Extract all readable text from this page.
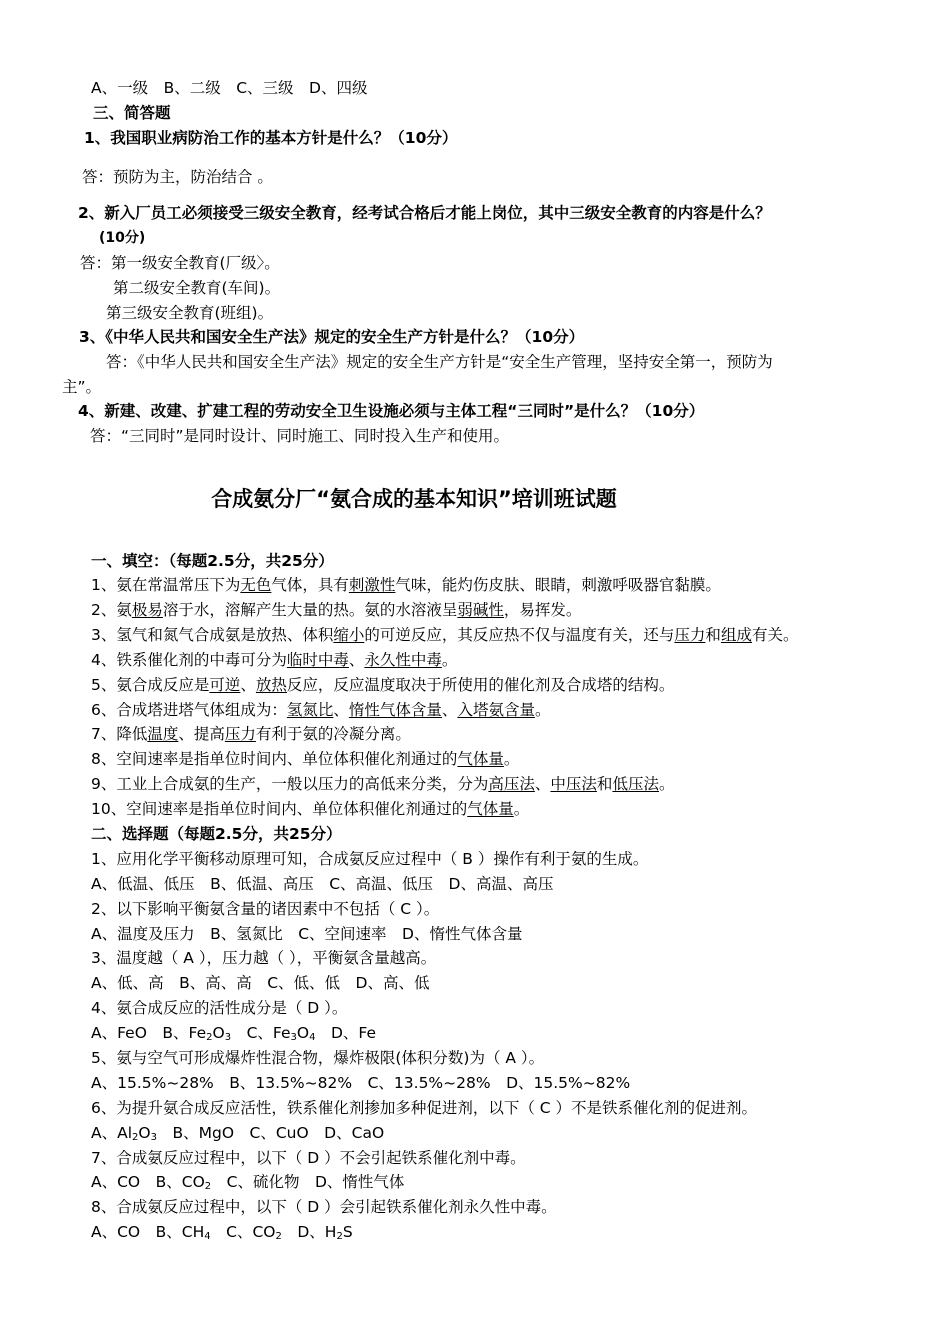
A、一级　B、二级　C、三级　D、四级
三、简答题
1、我国职业病防治工作的基本方针是什么？（10分）
答：预防为主，防治结合 。
2、新入厂员工必须接受三级安全教育，经考试合格后才能上岗位，其中三级安全教育的内容是什么？
(10分)
答：第一级安全教育(厂级〉。
第二级安全教育(车间)。
第三级安全教育(班组)。
3、《中华人民共和国安全生产法》规定的安全生产方针是什么？（10分）
答：《中华人民共和国安全生产法》规定的安全生产方针是“安全生产管理，坚持安全第一，预防为
主”。
4、新建、改建、扩建工程的劳动安全卫生设施必须与主体工程“三同时”是什么？（10分）
答：“三同时”是同时设计、同时施工、同时投入生产和使用。
合成氨分厂“氨合成的基本知识”培训班试题
一、填空：（每题2.5分，共25分）
1、氨在常温常压下为无色气体，具有刺激性气味，能灼伤皮肤、眼睛，刺激呼吸器官黏膜。
2、氨极易溶于水，溶解产生大量的热。氨的水溶液呈弱碱性，易挥发。
3、氢气和氮气合成氨是放热、体积缩小的可逆反应，其反应热不仅与温度有关，还与压力和组成有关。
4、铁系催化剂的中毒可分为临时中毒、永久性中毒。
5、氨合成反应是可逆、放热反应，反应温度取决于所使用的催化剂及合成塔的结构。
6、合成塔进塔气体组成为：氢氮比、惰性气体含量、入塔氨含量。
7、降低温度、提高压力有利于氨的冷凝分离。
8、空间速率是指单位时间内、单位体积催化剂通过的气体量。
9、工业上合成氨的生产，一般以压力的高低来分类，分为高压法、中压法和低压法。
10、空间速率是指单位时间内、单位体积催化剂通过的气体量。
二、选择题（每题2.5分，共25分）
1、应用化学平衡移动原理可知，合成氨反应过程中（ B ）操作有利于氨的生成。
A、低温、低压　B、低温、高压　C、高温、低压　D、高温、高压
2、以下影响平衡氨含量的诸因素中不包括（ C ）。
A、温度及压力　B、氢氮比　C、空间速率　D、惰性气体含量
3、温度越（ A ），压力越（ ），平衡氨含量越高。
A、低、高　B、高、高　C、低、低　D、高、低
4、氨合成反应的活性成分是（ D ）。
A、FeO　B、$Fe_2O_3$　C、$Fe_3O_4$　D、Fe
5、氨与空气可形成爆炸性混合物，爆炸极限(体积分数)为（ A ）。
A、15.5%~28%　B、13.5%~82%　C、13.5%~28%　D、15.5%~82%
6、为提升氨合成反应活性，铁系催化剂掺加多种促进剂，以下（ C ）不是铁系催化剂的促进剂。
A、$Al_2O_3$　B、MgO　C、CuO　D、CaO
7、合成氨反应过程中，以下（ D ）不会引起铁系催化剂中毒。
A、CO　B、$CO_2$　C、硫化物　D、惰性气体
8、合成氨反应过程中，以下（ D ）会引起铁系催化剂永久性中毒。
A、CO　B、$CH_4$　C、$CO_2$　D、$H_2S$
